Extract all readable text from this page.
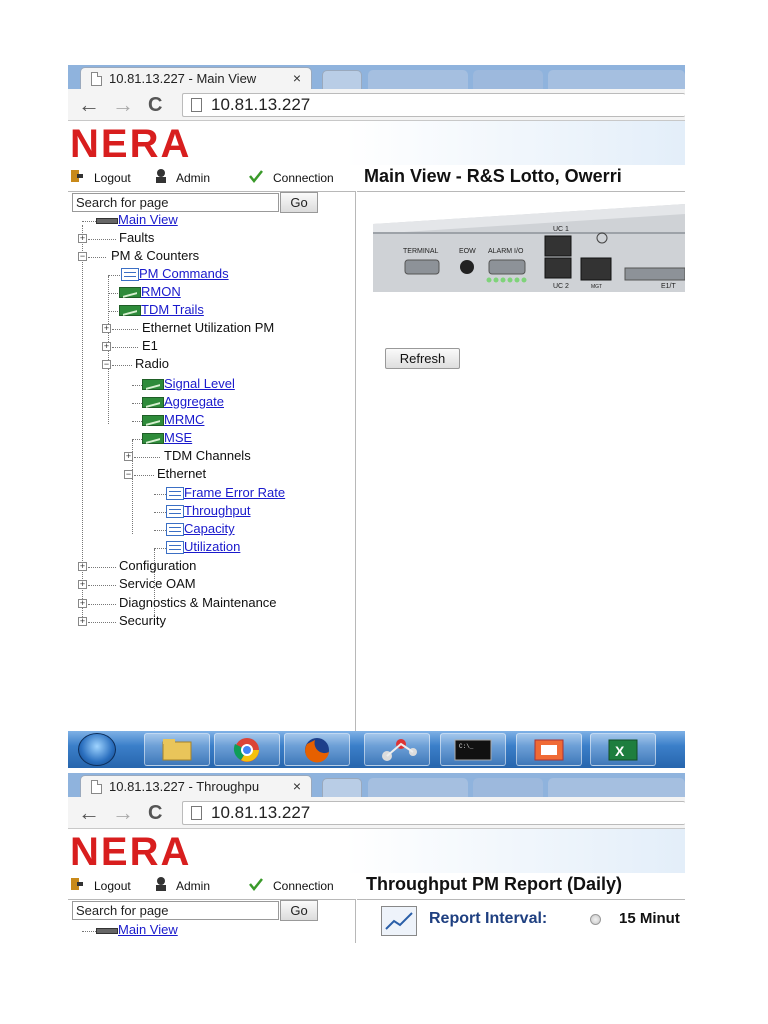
10.81.13.227 - Main View	×
← → C	10.81.13.227
NERA
Logout	Admin	Connection Main View - R&S Lotto, Owerri
Search for page	Go
Main View
+	Faults
− PM & Counters
PM Commands
RMON
TDM Trails
+	Ethernet Utilization PM
+	E1
− Radio
Signal Level
Aggregate
MRMC
MSE
+	TDM Channels
− Ethernet
Frame Error Rate
Throughput
Capacity
Utilization
+	Configuration
+	Service OAM
+	Diagnostics & Maintenance
+	Security
TERMINAL	EOW ALARM I/O
UC 1
UC 2	MGT	E1/T
Refresh
C:\_	X
10.81.13.227 - Throughpu ×
← → C	10.81.13.227
NERA
Logout	Admin	Connection Throughput PM Report (Daily)
Search for page	Go
Main View
Report Interval:	15 Minut
